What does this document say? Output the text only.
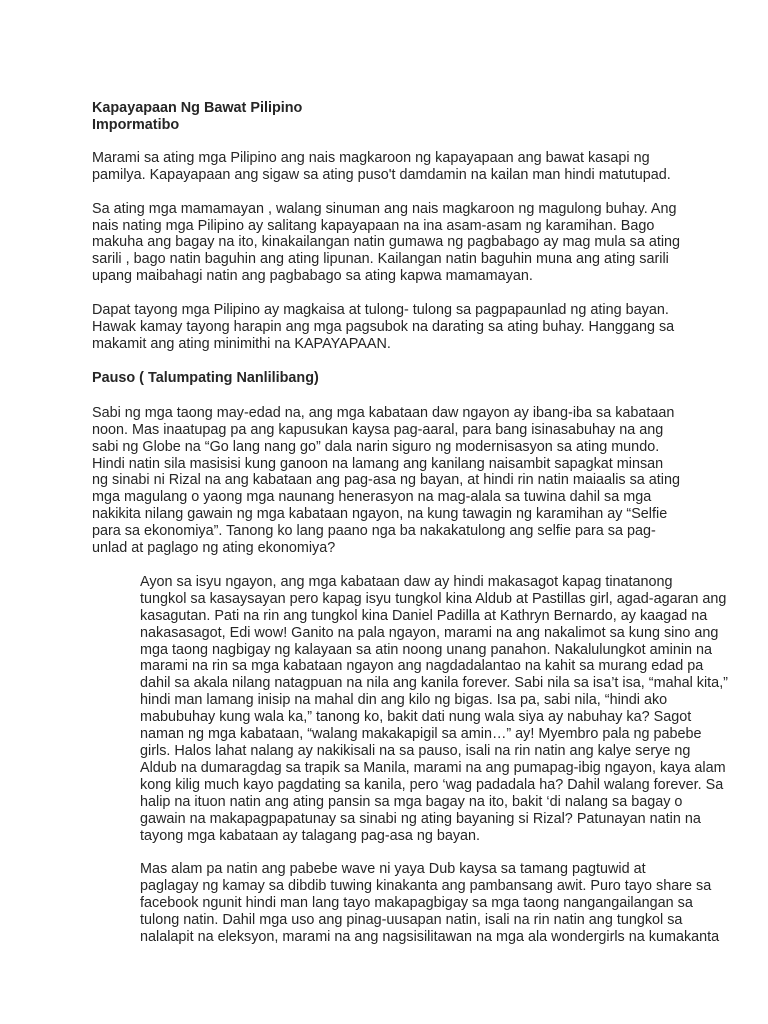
Kapayapaan Ng Bawat Pilipino
Impormatibo

Marami sa ating mga Pilipino ang nais magkaroon ng kapayapaan ang bawat kasapi ng
pamilya. Kapayapaan ang sigaw sa ating puso't damdamin na kailan man hindi matutupad.

Sa ating mga mamamayan , walang sinuman ang nais magkaroon ng magulong buhay. Ang
nais nating mga Pilipino ay salitang kapayapaan na ina asam-asam ng karamihan. Bago
makuha ang bagay na ito, kinakailangan natin gumawa ng pagbabago ay mag mula sa ating
sarili , bago natin baguhin ang ating lipunan. Kailangan natin baguhin muna ang ating sarili
upang maibahagi natin ang pagbabago sa ating kapwa mamamayan.

Dapat tayong mga Pilipino ay magkaisa at tulong- tulong sa pagpapaunlad ng ating bayan.
Hawak kamay tayong harapin ang mga pagsubok na darating sa ating buhay. Hanggang sa
makamit ang ating minimithi na KAPAYAPAAN.

Pauso ( Talumpating Nanlilibang)

Sabi ng mga taong may-edad na, ang mga kabataan daw ngayon ay ibang-iba sa kabataan
noon. Mas inaatupag pa ang kapusukan kaysa pag-aaral, para bang isinasabuhay na ang
sabi ng Globe na “Go lang nang go” dala narin siguro ng modernisasyon sa ating mundo.
Hindi natin sila masisisi kung ganoon na lamang ang kanilang naisambit sapagkat minsan
ng sinabi ni Rizal na ang kabataan ang pag-asa ng bayan, at hindi rin natin maiaalis sa ating
mga magulang o yaong mga naunang henerasyon na mag-alala sa tuwina dahil sa mga
nakikita nilang gawain ng mga kabataan ngayon, na kung tawagin ng karamihan ay “Selfie
para sa ekonomiya”. Tanong ko lang paano nga ba nakakatulong ang selfie para sa pag-
unlad at paglago ng ating ekonomiya?

Ayon sa isyu ngayon, ang mga kabataan daw ay hindi makasagot kapag tinatanong
tungkol sa kasaysayan pero kapag isyu tungkol kina Aldub at Pastillas girl, agad-agaran ang
kasagutan. Pati na rin ang tungkol kina Daniel Padilla at Kathryn Bernardo, ay kaagad na
nakasasagot, Edi wow! Ganito na pala ngayon, marami na ang nakalimot sa kung sino ang
mga taong nagbigay ng kalayaan sa atin noong unang panahon. Nakalulungkot aminin na
marami na rin sa mga kabataan ngayon ang nagdadalantao na kahit sa murang edad pa
dahil sa akala nilang natagpuan na nila ang kanila forever. Sabi nila sa isa’t isa, “mahal kita,”
hindi man lamang inisip na mahal din ang kilo ng bigas. Isa pa, sabi nila, “hindi ako
mabubuhay kung wala ka,” tanong ko, bakit dati nung wala siya ay nabuhay ka? Sagot
naman ng mga kabataan, “walang makakapigil sa amin…” ay! Myembro pala ng pabebe
girls. Halos lahat nalang ay nakikisali na sa pauso, isali na rin natin ang kalye serye ng
Aldub na dumaragdag sa trapik sa Manila, marami na ang pumapag-ibig ngayon, kaya alam
kong kilig much kayo pagdating sa kanila, pero ‘wag padadala ha? Dahil walang forever. Sa
halip na ituon natin ang ating pansin sa mga bagay na ito, bakit ‘di nalang sa bagay o
gawain na makapagpapatunay sa sinabi ng ating bayaning si Rizal? Patunayan natin na
tayong mga kabataan ay talagang pag-asa ng bayan.

Mas alam pa natin ang pabebe wave ni yaya Dub kaysa sa tamang pagtuwid at
paglagay ng kamay sa dibdib tuwing kinakanta ang pambansang awit. Puro tayo share sa
facebook ngunit hindi man lang tayo makapagbigay sa mga taong nangangailangan sa
tulong natin. Dahil mga uso ang pinag-uusapan natin, isali na rin natin ang tungkol sa
nalalapit na eleksyon, marami na ang nagsisilitawan na mga ala wondergirls na kumakanta
